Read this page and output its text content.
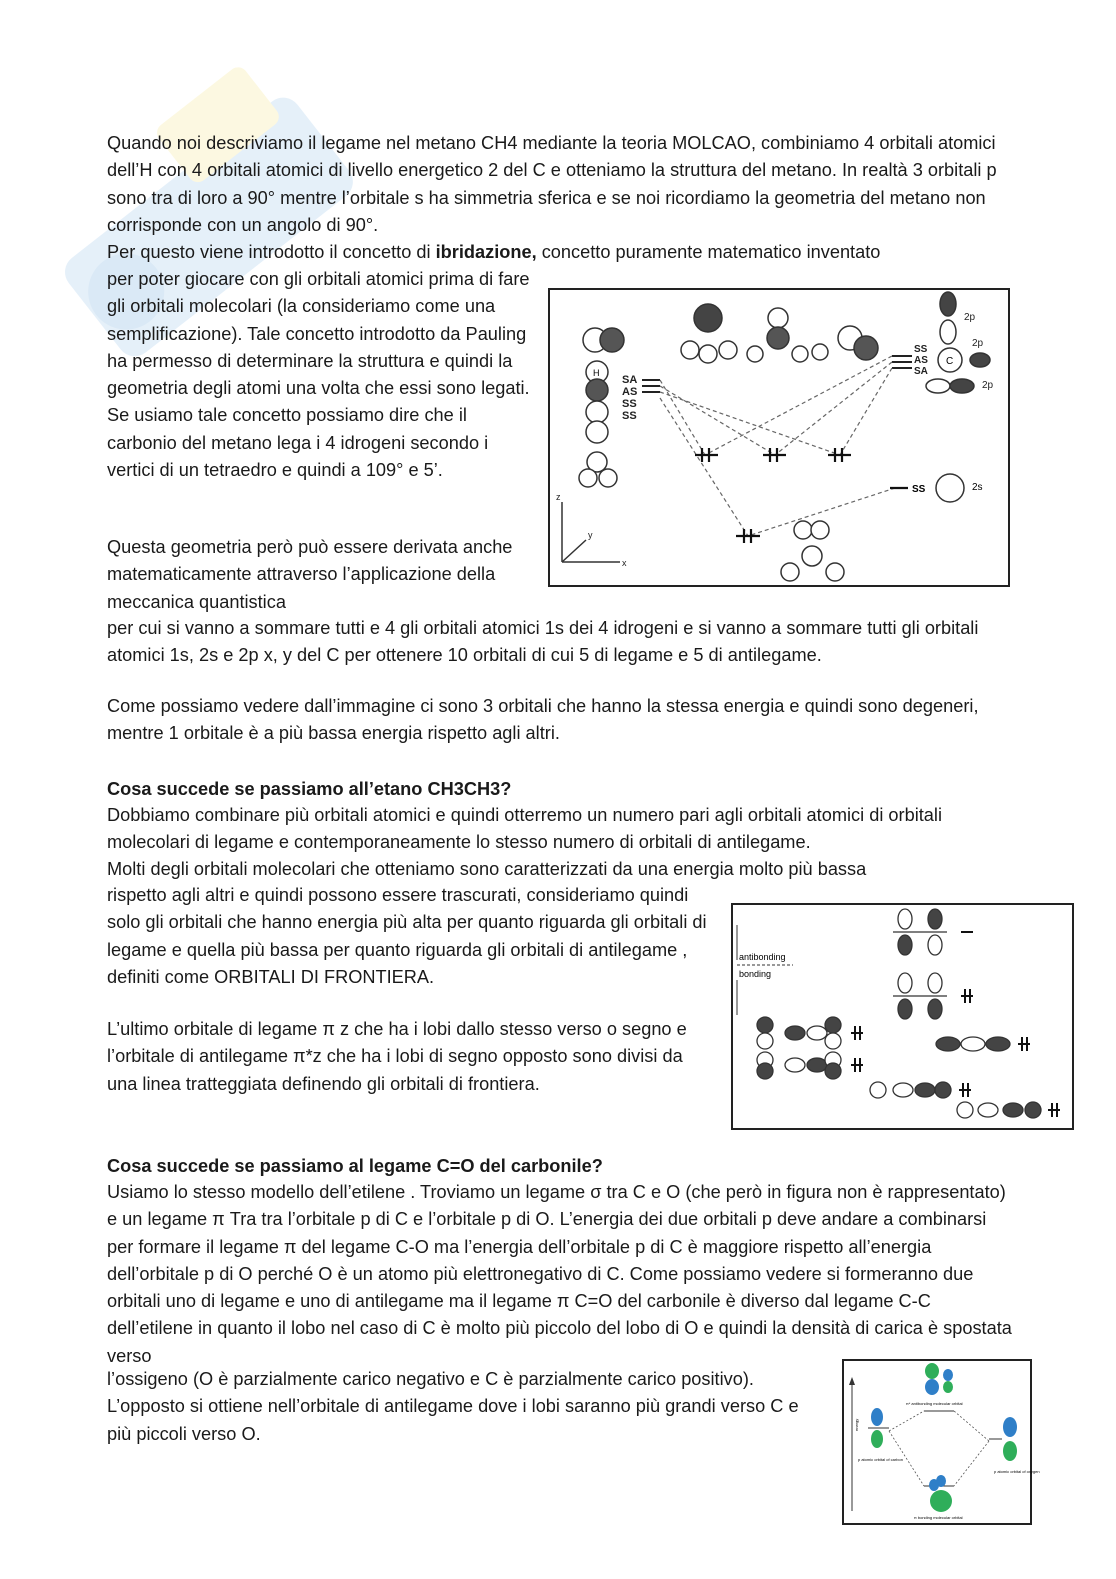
Quando noi descriviamo il legame nel metano CH4 mediante la teoria MOLCAO, combiniamo 4 orbitali atomici dell’H con 4 orbitali atomici di livello energetico 2 del C e otteniamo la struttura del metano. In realtà 3 orbitali p sono tra di loro a 90° mentre l’orbitale s ha simmetria sferica e se noi ricordiamo la geometria del metano non corrisponde con un angolo di 90°.

Per questo viene introdotto il concetto di ibridazione, concetto puramente matematico inventato

per poter giocare con gli orbitali atomici prima di fare gli orbitali molecolari (la consideriamo come una semplificazione). Tale concetto introdotto da Pauling ha permesso di determinare la struttura e quindi la geometria degli atomi una volta che essi sono legati. Se usiamo tale concetto possiamo dire che il carbonio del metano lega i 4 idrogeni secondo i vertici di un tetraedro e quindi a 109° e 5’.

Questa geometria però può essere derivata anche matematicamente attraverso l’applicazione della meccanica quantistica

per cui si vanno a sommare tutti e 4 gli orbitali atomici 1s dei 4 idrogeni e si vanno a sommare tutti gli orbitali atomici 1s, 2s e 2p x, y del C per ottenere 10 orbitali di cui 5 di legame e 5 di antilegame.

Come possiamo vedere dall’immagine ci sono 3 orbitali che hanno la stessa energia e quindi sono degeneri, mentre 1 orbitale è a più bassa energia rispetto agli altri.

H
SA
AS
SS
SS
C
2p
2p
2p
SS
AS
SA
SS	2s
z
y
x

Cosa succede se passiamo all’etano CH3CH3?

Dobbiamo combinare più orbitali atomici e quindi otterremo un numero pari agli orbitali atomici di orbitali molecolari di legame e contemporaneamente lo stesso numero di orbitali di antilegame.

Molti degli orbitali molecolari che otteniamo sono caratterizzati da una energia molto più bassa

rispetto agli altri e quindi possono essere trascurati, consideriamo quindi solo gli orbitali che hanno energia più alta per quanto riguarda gli orbitali di legame e quella più bassa per quanto riguarda gli orbitali di antilegame , definiti come ORBITALI DI FRONTIERA.

L’ultimo orbitale di legame π z che ha i lobi dallo stesso verso o segno e l’orbitale di antilegame π*z che ha i lobi di segno opposto sono divisi da una linea tratteggiata definendo gli orbitali di frontiera.

antibonding
bonding

Cosa succede se passiamo al legame C=O del carbonile?

Usiamo lo stesso modello dell’etilene . Troviamo un legame σ tra C e O (che però in figura non è rappresentato) e un legame π Tra tra l’orbitale p di C e l’orbitale p di O. L’energia dei due orbitali p deve andare a combinarsi per formare il legame π del legame C-O ma l’energia dell’orbitale p di C è maggiore rispetto all’energia dell’orbitale p di O perché O è un atomo più elettronegativo di C. Come possiamo vedere si formeranno due orbitali uno di legame e uno di antilegame ma il legame π C=O del carbonile è diverso dal legame C-C dell’etilene in quanto il lobo nel caso di C è molto più piccolo del lobo di O e quindi la densità di carica è spostata verso

l’ossigeno (O è parzialmente carico negativo e C è parzialmente carico positivo). L’opposto si ottiene nell’orbitale di antilegame dove i lobi saranno più grandi verso C e più piccoli verso O.	energy
π* antibonding molecular orbital
p atomic orbital of carbon
p atomic orbital of oxygen
π bonding molecular orbital
